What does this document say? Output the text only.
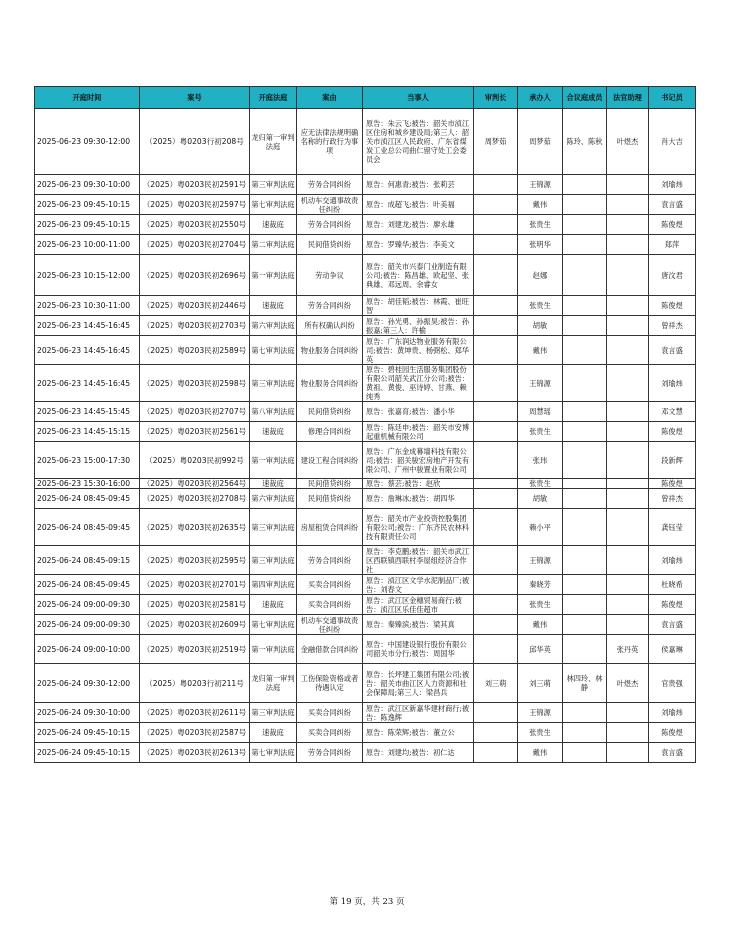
开庭时间	案号	开庭法庭	案由	当事人	审判长	承办人	合议庭成员	法官助理	书记员
2025-06-23 09:30-12:00	（2025）粤0203行初208号	龙归第一审判法庭	应无法律法规明确名称的行政行为事项	原告：朱云飞;被告：韶关市浈江区住房和城乡建设局;第三人：韶关市浈江区人民政府、广东省煤炭工业总公司曲仁留守处工会委员会	周梦茹	周梦茹	陈玲、陈秋	叶煜杰	肖大吉
2025-06-23 09:30-10:00	（2025）粤0203民初2591号	第三审判法庭	劳务合同纠纷	原告：何惠青;被告：张莉芸		王锦源			刘瑜炜
2025-06-23 09:45-10:15	（2025）粤0203民初2597号	第七审判法庭	机动车交通事故责任纠纷	原告：成超飞;被告：叶美福		戴伟			袁言盛
2025-06-23 09:45-10:15	（2025）粤0203民初2550号	速裁庭	劳务合同纠纷	原告：刘建龙;被告：廖永雄		张贵生			陈俊煜
2025-06-23 10:00-11:00	（2025）粤0203民初2704号	第二审判法庭	民间借贷纠纷	原告：罗臻华;被告：李美文		张明华			郑萍
2025-06-23 10:15-12:00	（2025）粤0203民初2696号	第一审判法庭	劳动争议	原告：韶关市兴泰门业制造有限公司;被告：陈昌雄、欧起坚、张典雄、邓远周、余睿女		赵娜			唐汶君
2025-06-23 10:30-11:00	（2025）粤0203民初2446号	速裁庭	劳务合同纠纷	原告：胡佳韬;被告：林霞、崔旺智		张贵生			陈俊煜
2025-06-23 14:45-16:45	（2025）粤0203民初2703号	第六审判法庭	所有权确认纠纷	原告：孙光勇、孙振昊;被告：孙振嘉;第三人：许榆		胡敏			曾祥杰
2025-06-23 14:45-16:45	（2025）粤0203民初2589号	第七审判法庭	物业服务合同纠纷	原告：广东润达物业服务有限公司;被告：黄坤贵、杨弼松、郑华英		戴伟			袁言盛
2025-06-23 14:45-16:45	（2025）粤0203民初2598号	第三审判法庭	物业服务合同纠纷	原告：碧桂园生活服务集团股份有限公司韶关武江分公司;被告：黄祖、黄俊、巫诗婷、甘燕、赖纯秀		王锦源			刘瑜炜
2025-06-23 14:45-15:45	（2025）粤0203民初2707号	第八审判法庭	民间借贷纠纷	原告：张嘉育;被告：潘小华		周慧瑶			邓文慧
2025-06-23 14:45-15:15	（2025）粤0203民初2561号	速裁庭	修理合同纠纷	原告：陈廷申;被告：韶关市安博起重机械有限公司		张贵生			陈俊煜
2025-06-23 15:00-17:30	（2025）粤0203民初992号	第一审判法庭	建设工程合同纠纷	原告：广东金成幕墙科技有限公司;被告：韶关骏宏房地产开发有限公司、广州中骏置业有限公司		张玮			段新辉
2025-06-23 15:30-16:00	（2025）粤0203民初2564号	速裁庭	民间借贷纠纷	原告：蔡芸;被告：赵欣		张贵生			陈俊煜
2025-06-24 08:45-09:45	（2025）粤0203民初2708号	第六审判法庭	民间借贷纠纷	原告：詹琳冰;被告：胡四华		胡敏			曾祥杰
2025-06-24 08:45-09:45	（2025）粤0203民初2635号	第三审判法庭	房屋租赁合同纠纷	原告：韶关市产业投资控股集团有限公司;被告：广东齐民农林科技有限责任公司		赖小平			龚钰莹
2025-06-24 08:45-09:15	（2025）粤0203民初2595号	第三审判法庭	劳务合同纠纷	原告：李克鹏;被告：韶关市武江区西联镇西联村李屋组经济合作社		王锦源			刘瑜炜
2025-06-24 08:45-09:45	（2025）粤0203民初2701号	第四审判法庭	买卖合同纠纷	原告：浈江区文学水泥制品厂;被告：刘春文		秦晓芳			杜晓希
2025-06-24 09:00-09:30	（2025）粤0203民初2581号	速裁庭	买卖合同纠纷	原告：武江区金穗贸易商行;被告：浈江区乐佳佳超市		张贵生			陈俊煜
2025-06-24 09:00-09:30	（2025）粤0203民初2609号	第七审判法庭	机动车交通事故责任纠纷	原告：秦臻滨;被告：梁其真		戴伟			袁言盛
2025-06-24 09:00-10:00	（2025）粤0203民初2519号	第一审判法庭	金融借款合同纠纷	原告：中国建设银行股份有限公司韶关市分行;被告：周国华		邱华英		张丹英	侯嘉琳
2025-06-24 09:30-12:00	（2025）粤0203行初211号	龙归第一审判法庭	工伤保险资格或者待遇认定	原告：长坪建工集团有限公司;被告：韶关市曲江区人力资源和社会保障局;第三人：梁昌兵	刘三萌	刘三萌	林四玲、林静	叶煜杰	官贵强
2025-06-24 09:30-10:00	（2025）粤0203民初2611号	第三审判法庭	买卖合同纠纷	原告：武江区新嘉华建材商行;被告：陈逸辉		王锦源			刘瑜炜
2025-06-24 09:45-10:15	（2025）粤0203民初2587号	速裁庭	买卖合同纠纷	原告：陈荣辉;被告：董立公		张贵生			陈俊煜
2025-06-24 09:45-10:15	（2025）粤0203民初2613号	第七审判法庭	劳务合同纠纷	原告：刘建均;被告：初仁达		戴伟			袁言盛
第 19 页，共 23 页
